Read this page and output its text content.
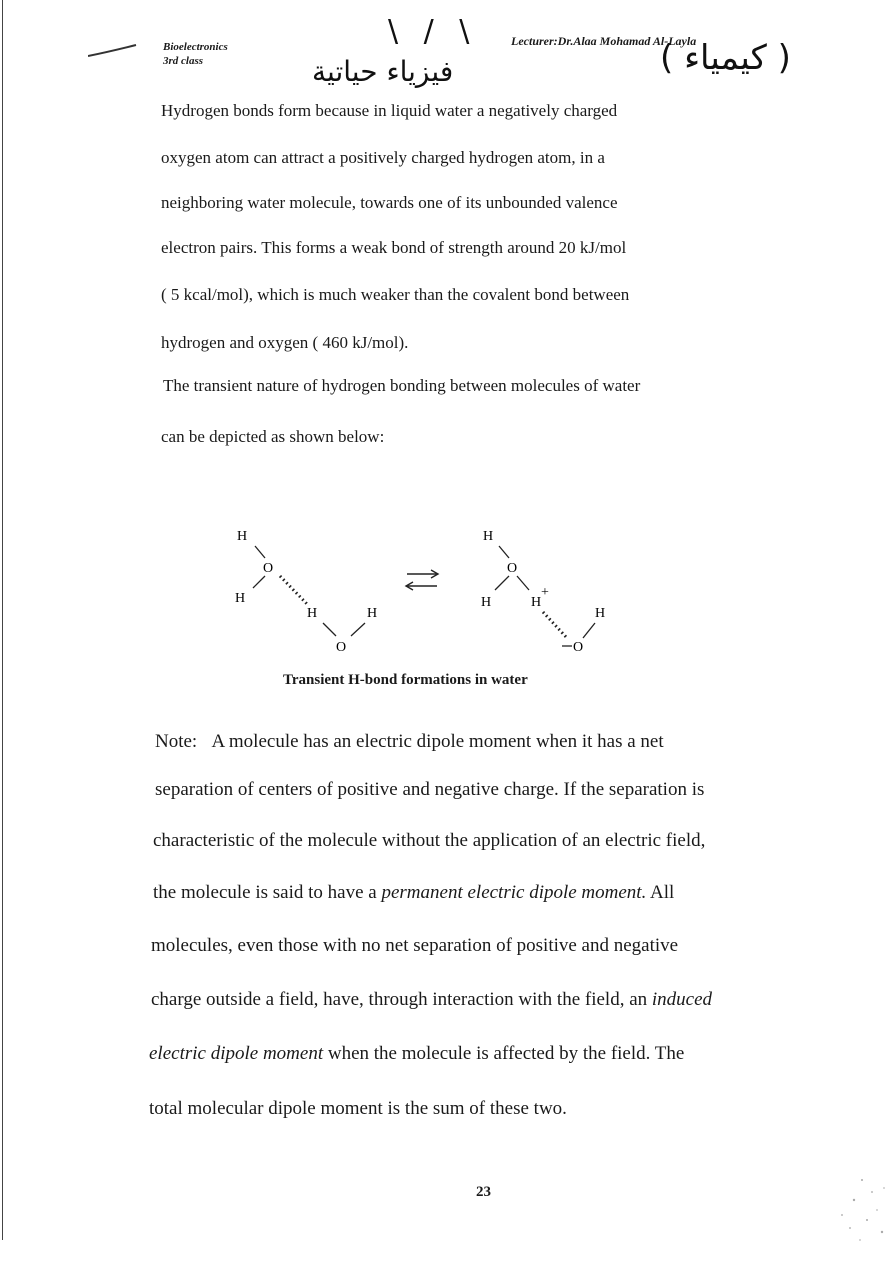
Bioelectronics
3rd class
\ / \	Lecturer:Dr.Alaa Mohamad Al-Layla
فيزياء حياتية	( كيمياء )
Hydrogen bonds form because in liquid water a negatively charged
oxygen atom can attract a positively charged hydrogen atom, in a
neighboring water molecule, towards one of its unbounded valence
electron pairs. This forms a weak bond of strength around 20 kJ/mol
( 5 kcal/mol), which is much weaker than the covalent bond between
hydrogen and oxygen ( 460 kJ/mol).
The transient nature of hydrogen bonding between molecules of water
can be depicted as shown below:
H
O
H
H	H
O
H
O
H	H
+
H
O
Transient H-bond formations in water
Note: A molecule has an electric dipole moment when it has a net
separation of centers of positive and negative charge. If the separation is
characteristic of the molecule without the application of an electric field,
the molecule is said to have a permanent electric dipole moment. All
molecules, even those with no net separation of positive and negative
charge outside a field, have, through interaction with the field, an induced
electric dipole moment when the molecule is affected by the field. The
total molecular dipole moment is the sum of these two.
23
